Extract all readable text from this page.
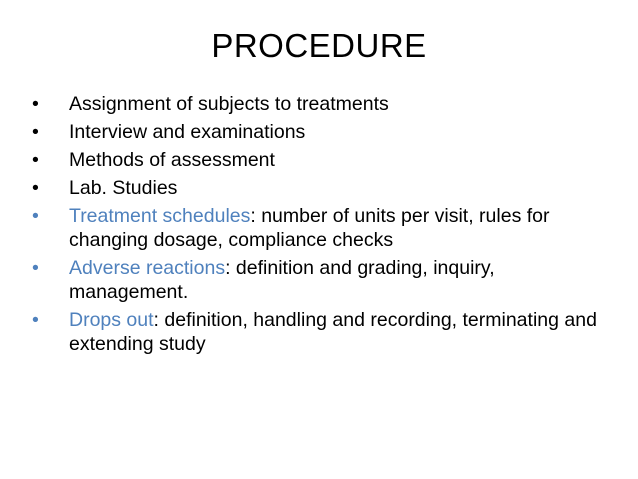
PROCEDURE
•	Assignment of subjects to treatments
•	Interview and examinations
•	Methods of assessment
•	Lab. Studies
•	Treatment schedules: number of units per visit, rules for changing dosage, compliance checks
•	Adverse reactions: definition and grading, inquiry, management.
•	Drops out: definition, handling and recording, terminating and extending study
